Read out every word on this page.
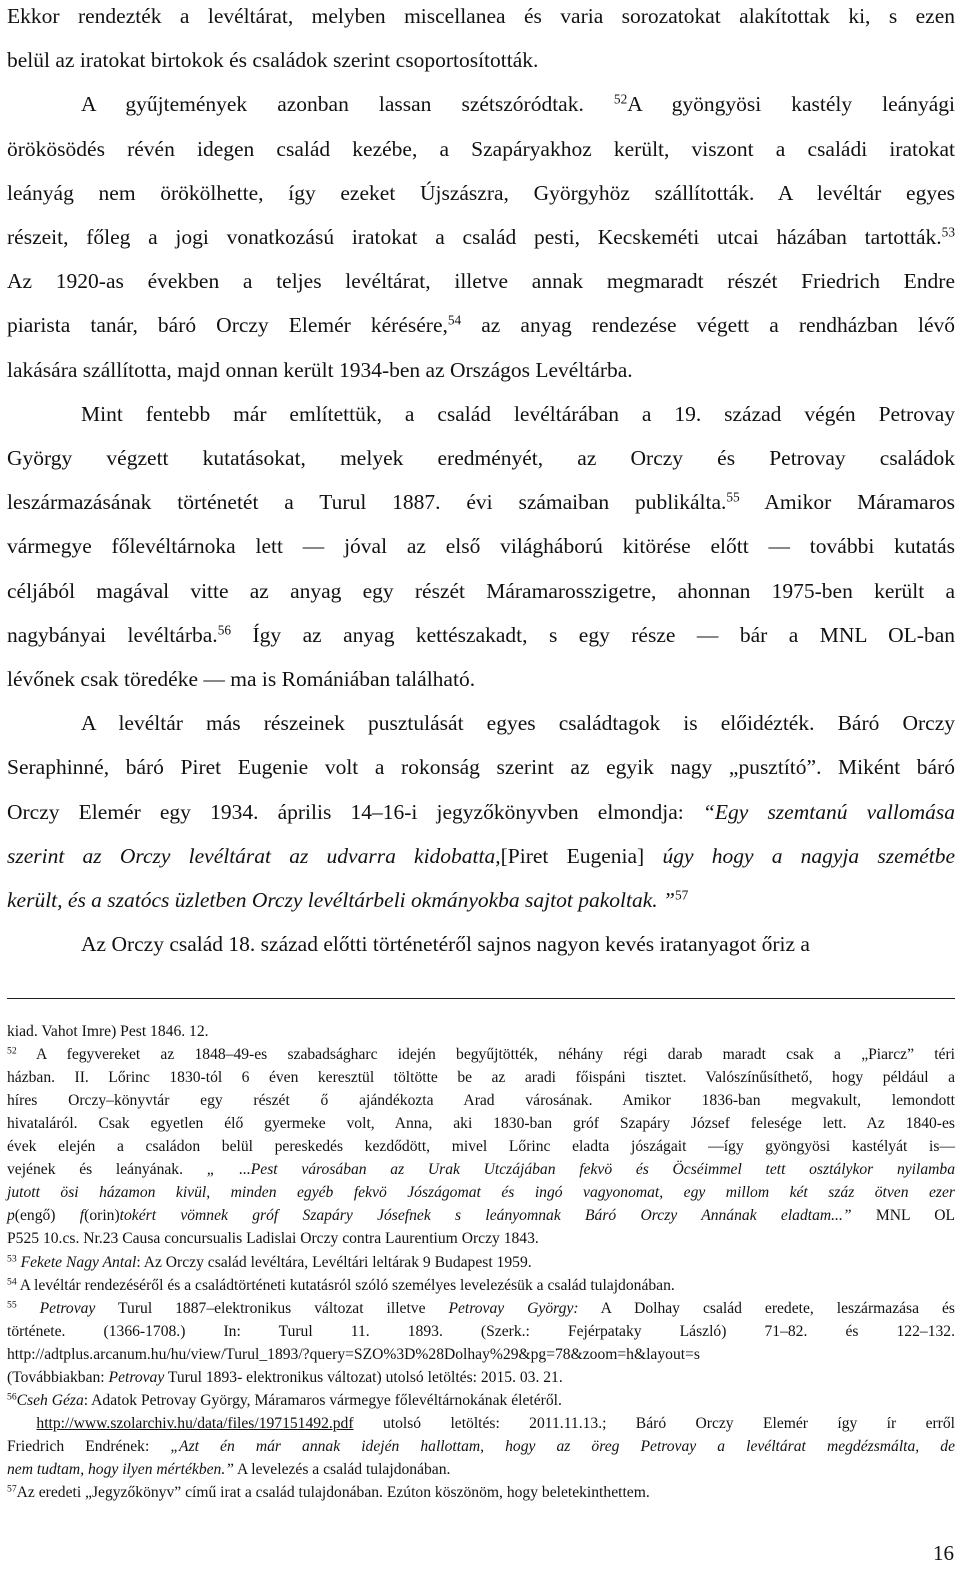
Ekkor rendezték a levéltárat, melyben miscellanea és varia sorozatokat alakítottak ki, s ezen
belül az iratokat birtokok és családok szerint csoportosították.
A gyűjtemények azonban lassan szétszóródtak. $^{52}$A gyöngyösi kastély leányági
örökösödés révén idegen család kezébe, a Szapáryakhoz került, viszont a családi iratokat
leányág nem örökölhette, így ezeket Újszászra, Györgyhöz szállították. A levéltár egyes
részeit, főleg a jogi vonatkozású iratokat a család pesti, Kecskeméti utcai házában tartották.$^{53}$
Az 1920-as években a teljes levéltárat, illetve annak megmaradt részét Friedrich Endre
piarista tanár, báró Orczy Elemér kérésére,$^{54}$ az anyag rendezése végett a rendházban lévő
lakására szállította, majd onnan került 1934-ben az Országos Levéltárba.
Mint fentebb már említettük, a család levéltárában a 19. század végén Petrovay
György végzett kutatásokat, melyek eredményét, az Orczy és Petrovay családok
leszármazásának történetét a Turul 1887. évi számaiban publikálta.$^{55}$ Amikor Máramaros
vármegye főlevéltárnoka lett — jóval az első világháború kitörése előtt — további kutatás
céljából magával vitte az anyag egy részét Máramarosszigetre, ahonnan 1975-ben került a
nagybányai levéltárba.$^{56}$ Így az anyag kettészakadt, s egy része — bár a MNL OL-ban
lévőnek csak töredéke — ma is Romániában található.
A levéltár más részeinek pusztulását egyes családtagok is előidézték. Báró Orczy
Seraphinné, báró Piret Eugenie volt a rokonság szerint az egyik nagy „pusztító”. Miként báró
Orczy Elemér egy 1934. április 14–16-i jegyzőkönyvben elmondja: “Egy szemtanú vallomása
szerint az Orczy levéltárat az udvarra kidobatta,[Piret Eugenia] úgy hogy a nagyja szemétbe
került, és a szatócs üzletben Orczy levéltárbeli okmányokba sajtot pakoltak. ”$^{57}$
Az Orczy család 18. század előtti történetéről sajnos nagyon kevés iratanyagot őriz a
kiad. Vahot Imre) Pest 1846. 12.
$^{52}$ A fegyvereket az 1848–49-es szabadságharc idején begyűjtötték, néhány régi darab maradt csak a „Piarcz” téri
házban. II. Lőrinc 1830-tól 6 éven keresztül töltötte be az aradi főispáni tisztet. Valószínűsíthető, hogy például a
híres Orczy–könyvtár egy részét ő ajándékozta Arad városának. Amikor 1836-ban megvakult, lemondott
hivataláról. Csak egyetlen élő gyermeke volt, Anna, aki 1830-ban gróf Szapáry József felesége lett. Az 1840-es
évek elején a családon belül pereskedés kezdődött, mivel Lőrinc eladta jószágait —így gyöngyösi kastélyát is—
vejének és leányának. „ ...Pest városában az Urak Utczájában fekvö és Öcséimmel tett osztálykor nyilamba
jutott ösi házamon kivül, minden egyéb fekvö Jószágomat és ingó vagyonomat, egy millom két száz ötven ezer
p(engő) f(orin)tokért vömnek gróf Szapáry Jósefnek s leányomnak Báró Orczy Annának eladtam...” MNL OL
P525 10.cs. Nr.23 Causa concursualis Ladislai Orczy contra Laurentium Orczy 1843.
$^{53}$ Fekete Nagy Antal: Az Orczy család levéltára, Levéltári leltárak 9 Budapest 1959.
$^{54}$ A levéltár rendezéséről és a családtörténeti kutatásról szóló személyes levelezésük a család tulajdonában.
$^{55}$ Petrovay Turul 1887–elektronikus változat illetve Petrovay György: A Dolhay család eredete, leszármazása és
története. (1366-1708.) In: Turul 11. 1893. (Szerk.: Fejérpataky László) 71–82. és 122–132.
http://adtplus.arcanum.hu/hu/view/Turul_1893/?query=SZO%3D%28Dolhay%29&pg=78&zoom=h&layout=s
(Továbbiakban: Petrovay Turul 1893- elektronikus változat) utolsó letöltés: 2015. 03. 21.
$^{56}$Cseh Géza: Adatok Petrovay György, Máramaros vármegye főlevéltárnokának életéről.
http://www.szolarchiv.hu/data/files/197151492.pdf utolsó letöltés: 2011.11.13.; Báró Orczy Elemér így ír erről
Friedrich Endrének: „Azt én már annak idején hallottam, hogy az öreg Petrovay a levéltárat megdézsmálta, de
nem tudtam, hogy ilyen mértékben.” A levelezés a család tulajdonában.
$^{57}$Az eredeti „Jegyzőkönyv” című irat a család tulajdonában. Ezúton köszönöm, hogy beletekinthettem.
16
